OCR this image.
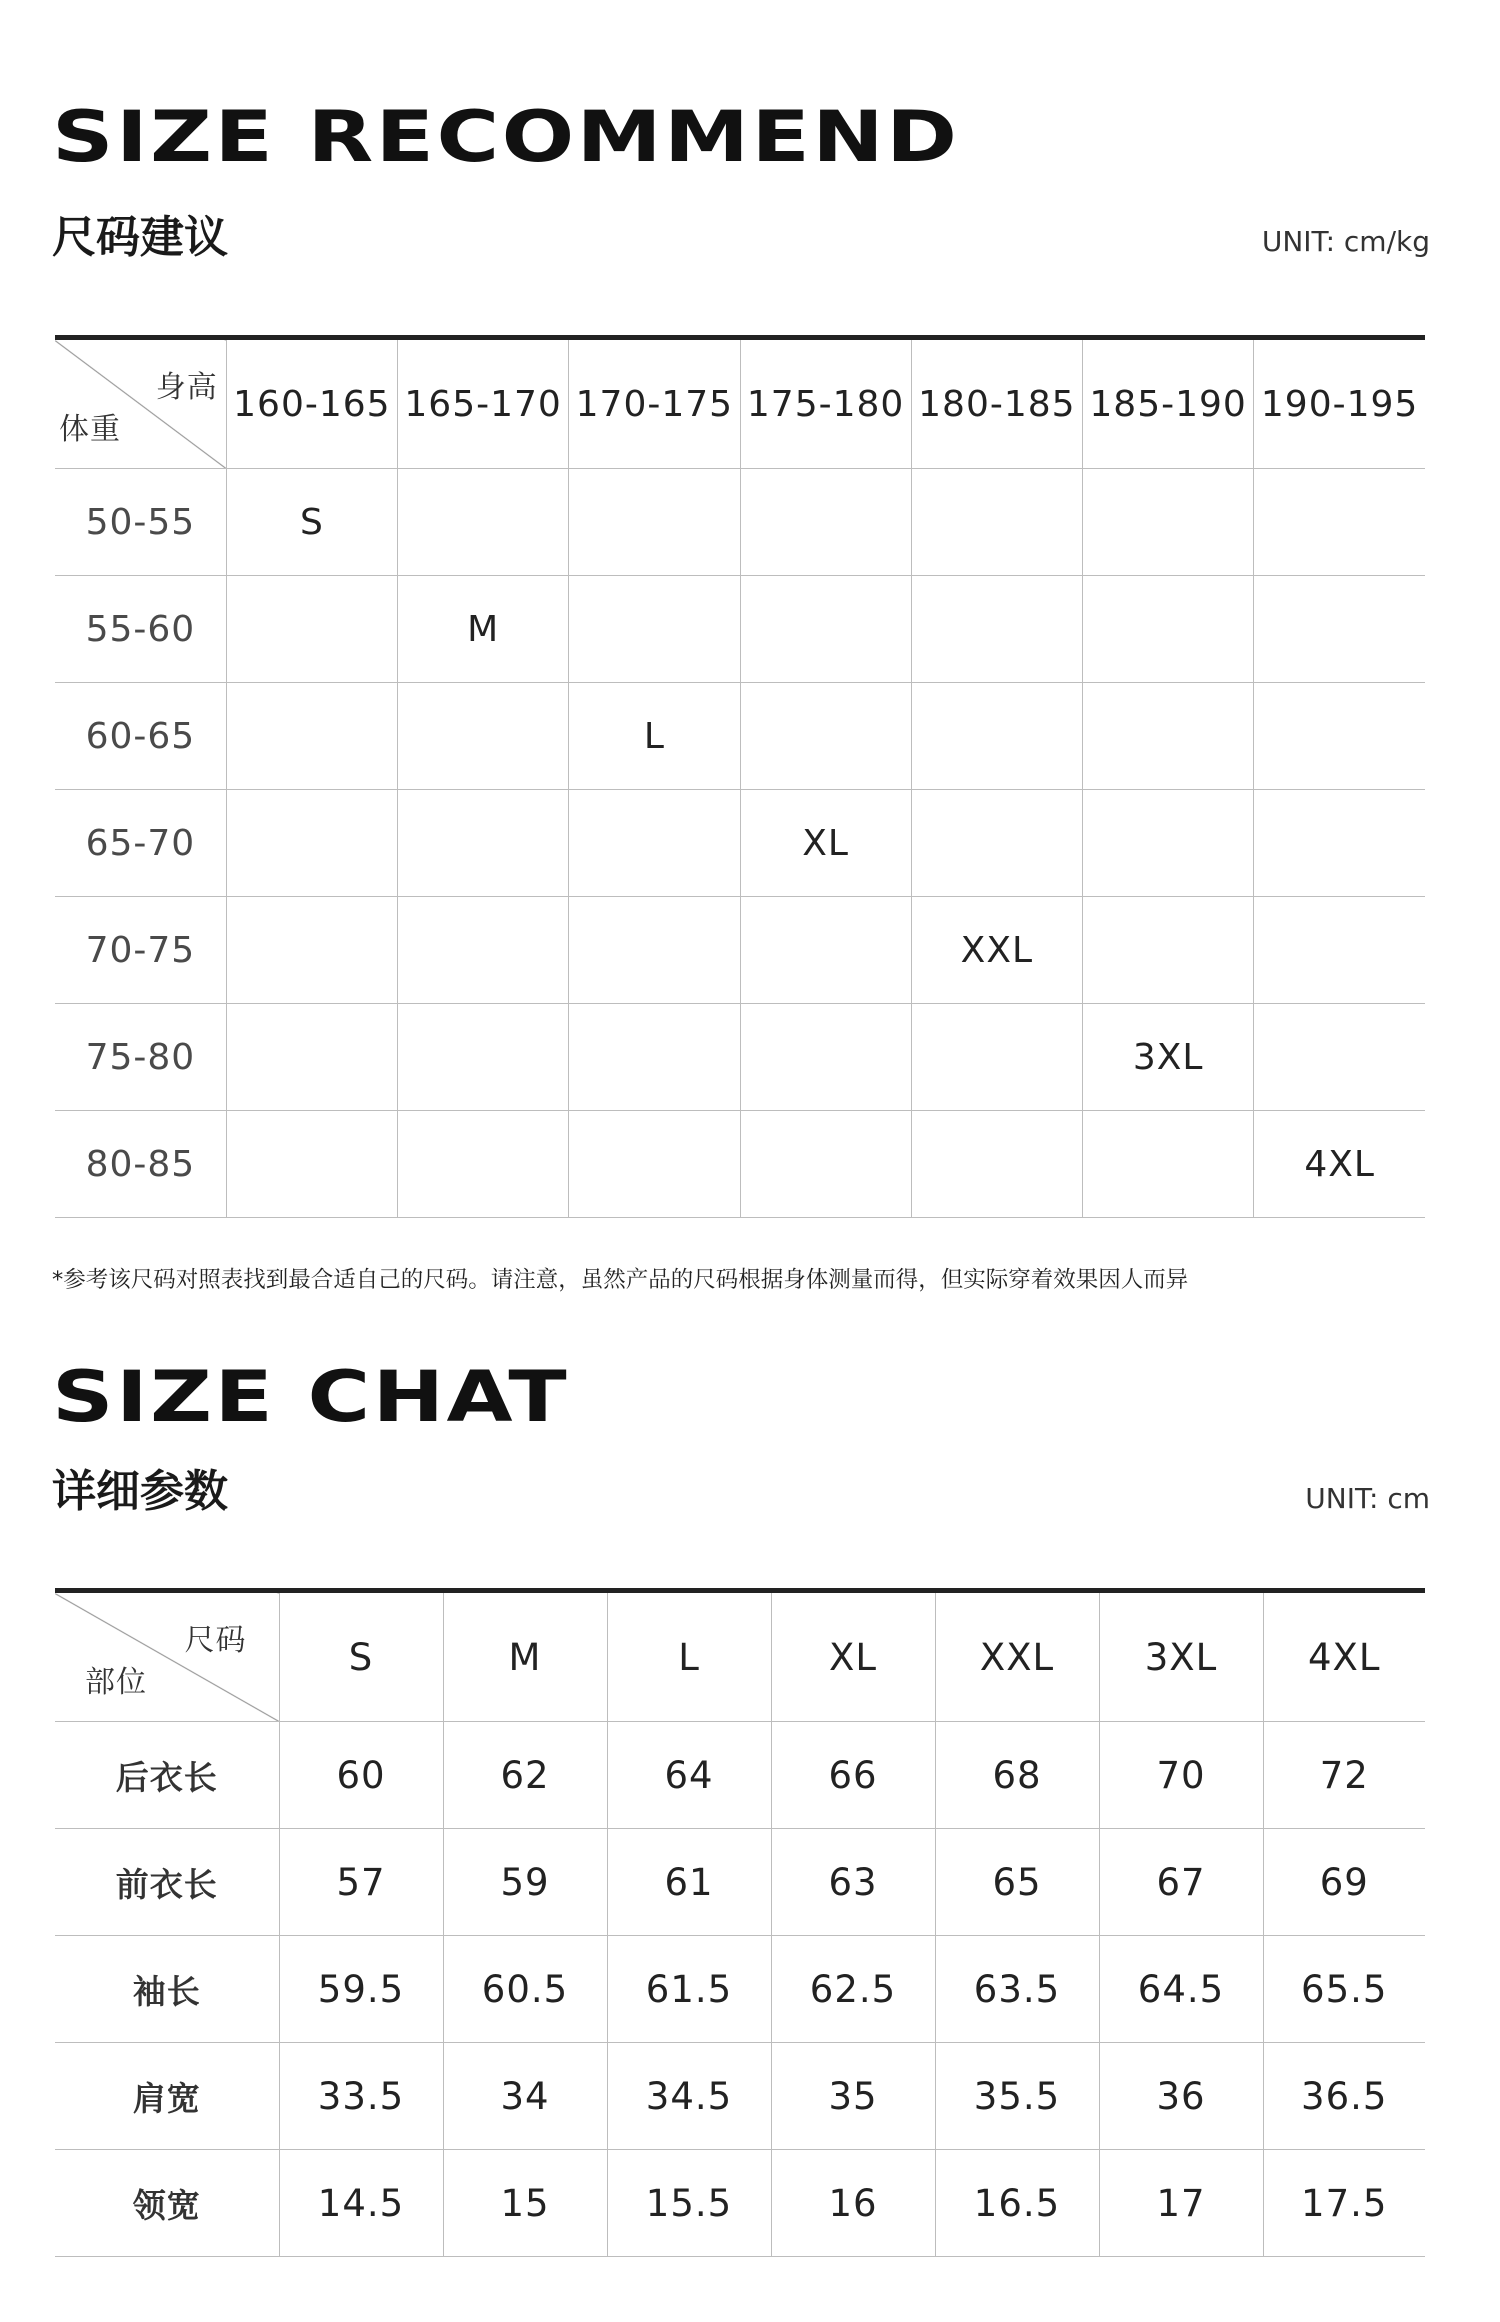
SIZE RECOMMEND
尺码建议	UNIT: cm/kg

身高
体重	160-165	165-170	170-175	175-180	180-185	185-190	190-195
50-55	S						
55-60		M					
60-65			L				
65-70				XL			
70-75					XXL		
75-80						3XL	
80-85							4XL

*参考该尺码对照表找到最合适自己的尺码。请注意，虽然产品的尺码根据身体测量而得，但实际穿着效果因人而异

SIZE CHAT
详细参数	UNIT: cm

尺码
部位	S	M	L	XL	XXL	3XL	4XL
后衣长	60	62	64	66	68	70	72
前衣长	57	59	61	63	65	67	69
袖长	59.5	60.5	61.5	62.5	63.5	64.5	65.5
肩宽	33.5	34	34.5	35	35.5	36	36.5
领宽	14.5	15	15.5	16	16.5	17	17.5
